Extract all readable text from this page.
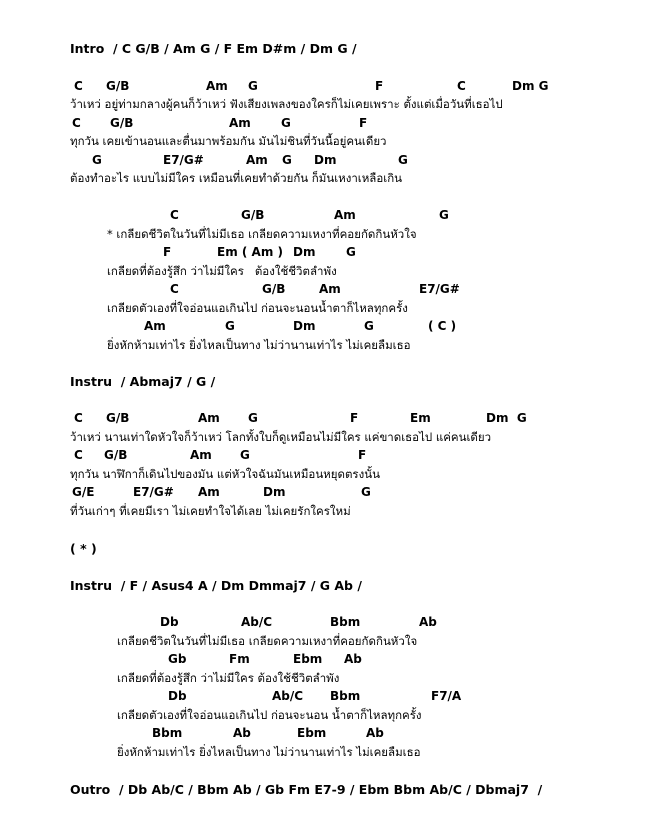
Intro  / C G/B / Am G / F Em D#m / Dm G /

C

G/B

	Am

G

	F

	C

	Dm G

ว้าเหว่ อยู่ท่ามกลางผู้คนก็ว้าเหว่ ฟังเสียงเพลงของใครก็ไม่เคยเพราะ ตั้งแต่เมื่อวันที่เธอไป

C

G/B

	Am

	G

	F

ทุกวัน เคยเข้านอนและตื่นมาพร้อมกัน มันไม่ชินที่วันนี้อยู่คนเดียว

G

	E7/G#

	Am

G

Dm

	G

ต้องทำอะไร แบบไม่มีใคร เหมือนที่เคยทำด้วยกัน ก็มันเหงาเหลือเกิน

C

	G/B

	Am

	G

* เกลียดชีวิตในวันที่ไม่มีเธอ เกลียดความเหงาที่คอยกัดกินหัวใจ

F

	Em ( Am )

Dm

	G

เกลียดที่ต้องรู้สึก ว่าไม่มีใคร   ต้องใช้ชีวิตลำพัง

C

	G/B

	Am

	E7/G#

เกลียดตัวเองที่ใจอ่อนแอเกินไป ก่อนจะนอนน้ำตาก็ไหลทุกครั้ง

Am

	G

	Dm

	G

	( C )

ยิ่งหักห้ามเท่าไร ยิ่งไหลเป็นทาง ไม่ว่านานเท่าไร ไม่เคยลืมเธอ

Instru  / Abmaj7 / G /

C

G/B

	Am

G

	F

	Em

	Dm  G

ว้าเหว่ นานเท่าใดหัวใจก็ว้าเหว่ โลกทั้งใบก็ดูเหมือนไม่มีใคร แค่ขาดเธอไป แค่คนเดียว

C

G/B

	Am

G

	F

ทุกวัน นาฬิกาก็เดินไปของมัน แต่หัวใจฉันมันเหมือนหยุดตรงนั้น

G/E

	E7/G#

Am

	Dm

	G

ที่วันเก่าๆ ที่เคยมีเรา ไม่เคยทำใจได้เลย ไม่เคยรักใครใหม่

( * )

Instru  / F / Asus4 A / Dm Dmmaj7 / G Ab /

Db

	Ab/C

	Bbm

	Ab

เกลียดชีวิตในวันที่ไม่มีเธอ เกลียดความเหงาที่คอยกัดกินหัวใจ

Gb

	Fm

	Ebm

Ab

เกลียดที่ต้องรู้สึก ว่าไม่มีใคร ต้องใช้ชีวิตลำพัง

Db

	Ab/C

Bbm

	F7/A

เกลียดตัวเองที่ใจอ่อนแอเกินไป ก่อนจะนอน น้ำตาก็ไหลทุกครั้ง

Bbm

	Ab

	Ebm

	Ab

ยิ่งหักห้ามเท่าไร ยิ่งไหลเป็นทาง ไม่ว่านานเท่าไร ไม่เคยลืมเธอ

Outro  / Db Ab/C / Bbm Ab / Gb Fm E7-9 / Ebm Bbm Ab/C / Dbmaj7  /
